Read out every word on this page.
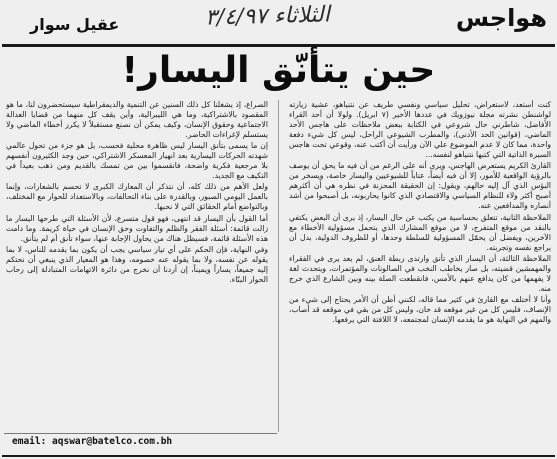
هواجس
الثلاثاء ٣/٤/٩٧
عقيل سوار
حين يتأنّق اليسار!

كنت أستعد، لاستعراض، تحليل سياسي ونفسي طريف عن نتنياهو، عشية زيارته لواشنطن نشرته مجلة نيوزويك في عددها الأخير (٧ ابريل). ولولا أن أحد القراء الأفاضل، شاطرني حال شروعي في الكتابة ببعض ملاحظات على هاجس الأحد الماضي، (قوانين الحد الأدنى)، والمطرب الشيوعي الراحل، ليس كل شيء دفعة واحدة، مما كان لا عدم الموضوع علي الآن ورأيت أن أكتب عنه، وقوعي تحت هاجس السيرة الذاتية التي كتبها نتنياهو لنفسه...

القارئ الكريم يستعرض الهاجس، ويرى أنه على الرغم من أن فيه ما يحق أن يوصف بالرؤية الواقعية للأمور، إلا أن فيه أيضاً، عتاباً للشيوعيين واليسار خاصة، ويسخر من البؤس الذي آل إليه حالهم، ويقول: إن الحقيقة المحزنة في نظره هي أن أكثرهم أصبح أكثر ولاء للنظام السياسي والاقتصادي الذي كانوا يحاربونه، بل أصبحوا من أشد أنصاره والمدافعين عنه.

الملاحظة الثانية، تتعلق بحساسية من يكتب عن حال اليسار، إذ يرى أن البعض يكتفي بالنقد من موقع المتفرج، لا من موقع المشارك الذي يتحمل مسؤولية الأخطاء مع الآخرين، ويفضل أن يحمّل المسؤولية للسلطة وحدها، أو للظروف الدولية، بدل أن يراجع نفسه وتجربته.

الملاحظة الثالثة، أن اليسار الذي تأنق وارتدى ربطة العنق، لم يعد يرى في الفقراء والمهمشين قضيته، بل صار يخاطب النخب في الصالونات والمؤتمرات، ويتحدث لغة لا يفهمها من كان يدافع عنهم بالأمس، فانقطعت الصلة بينه وبين الشارع الذي خرج منه.

وأنا لا أختلف مع القارئ في كثير مما قاله، لكنني أظن أن الأمر يحتاج إلى شيء من الإنصاف، فليس كل من غير موقعه قد خان، وليس كل من بقي في موقعه قد أصاب، والمهم في النهاية هو ما يقدمه الإنسان لمجتمعه، لا اللافتة التي يرفعها.

الصراع، إذ يشغلنا كل ذلك السنين عن التنمية والديمقراطية سيستحضرون لنا، ما هو المقصود بالاشتراكية، وما هي الليبرالية، وأين يقف كل منهما من قضايا العدالة الاجتماعية وحقوق الإنسان، وكيف يمكن أن نصنع مستقبلاً لا يكرر أخطاء الماضي ولا يستسلم لإغراءات الحاضر.

إن ما يسمى بتأنق اليسار ليس ظاهرة محلية فحسب، بل هو جزء من تحول عالمي شهدته الحركات اليسارية بعد انهيار المعسكر الاشتراكي، حين وجد الكثيرون أنفسهم بلا مرجعية فكرية واضحة، فانقسموا بين من تمسك بالقديم ومن ذهب بعيداً في التكيف مع الجديد.

ولعل الأهم من ذلك كله، أن نتذكر أن المعارك الكبرى لا تحسم بالشعارات، وإنما بالعمل اليومي الصبور، وبالقدرة على بناء التحالفات، وبالاستعداد للحوار مع المختلف، وبالتواضع أمام الحقائق التي لا نحبها.

أما القول بأن اليسار قد انتهى، فهو قول متسرع، لأن الأسئلة التي طرحها اليسار ما زالت قائمة: أسئلة الفقر والظلم والتفاوت وحق الإنسان في حياة كريمة. وما دامت هذه الأسئلة قائمة، فسيظل هناك من يحاول الإجابة عنها، سواء تأنق أم لم يتأنق.

وفي النهاية، فإن الحكم على أي تيار سياسي يجب أن يكون بما يقدمه للناس، لا بما يقوله عن نفسه، ولا بما يقوله عنه خصومه، وهذا هو المعيار الذي ينبغي أن نحتكم إليه جميعاً، يساراً ويميناً، إن أردنا أن نخرج من دائرة الاتهامات المتبادلة إلى رحاب الحوار البنّاء.

email: aqswar@batelco.com.bh
